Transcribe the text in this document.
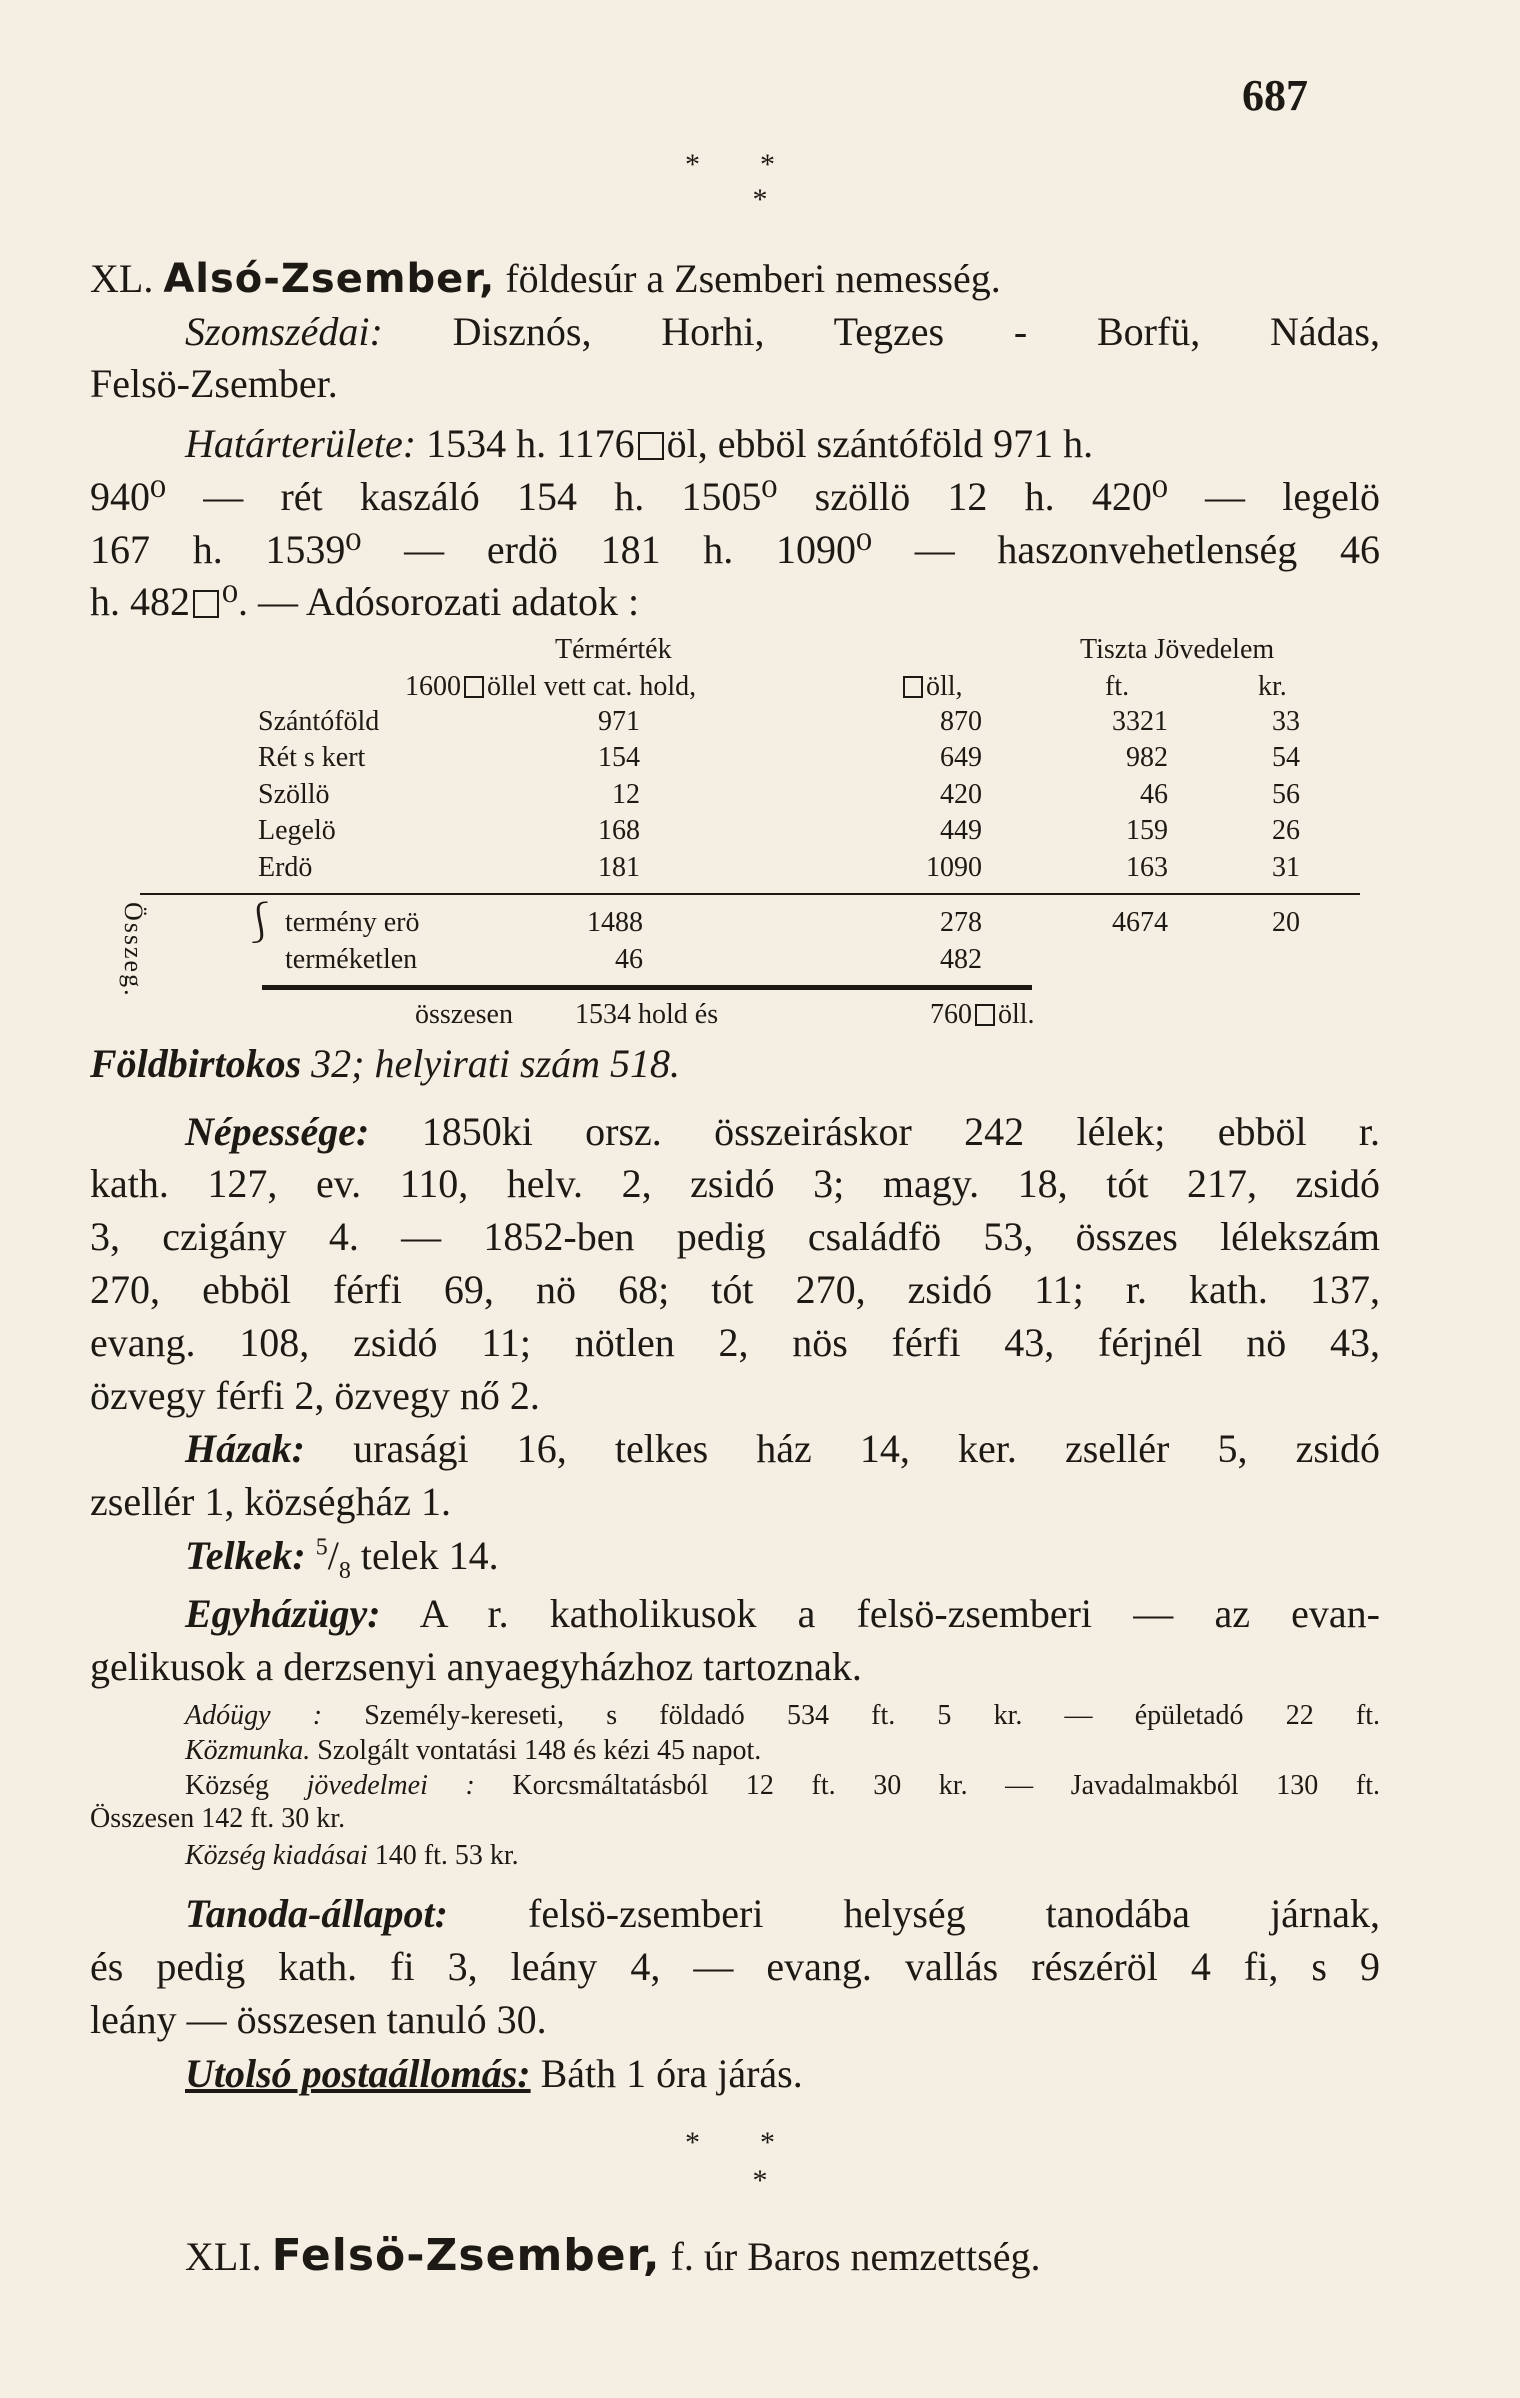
687
**
*
XL. Alsó-Zsember, földesúr a Zsemberi nemesség.
Szomszédai: Disznós, Horhi, Tegzes - Borfü, Nádas,
Felsö-Zsember.
Határterülete: 1534 h. 1176 öl, ebböl szántóföld 971 h.
940⁰ — rét kaszáló 154 h. 1505⁰ szöllö 12 h. 420⁰ — legelö
167 h. 1539⁰ — erdö 181 h. 1090⁰ — haszonvehetlenség 46
h. 482 ⁰. — Adósorozati adatok :
Térmérték	Tiszta Jövedelem
1600 öllel vett cat. hold,	öll,	ft.	kr.
Szántóföld	971	870	3321	33
Rét s kert	154	649	982	54
Szöllö	12	420	46	56
Legelö	168	449	159	26
Erdö	181	1090	163	31
Összeg. ⎰ termény erö	1488	278	4674	20
terméketlen	46	482
összesen 1534 hold és	760 öll.
Földbirtokos 32; helyirati szám 518.
Népessége: 1850ki orsz. összeiráskor 242 lélek; ebböl r.
kath. 127, ev. 110, helv. 2, zsidó 3; magy. 18, tót 217, zsidó
3, czigány 4. — 1852-ben pedig családfö 53, összes lélekszám
270, ebböl férfi 69, nö 68; tót 270, zsidó 11; r. kath. 137,
evang. 108, zsidó 11; nötlen 2, nös férfi 43, férjnél nö 43,
özvegy férfi 2, özvegy nő 2.
Házak: urasági 16, telkes ház 14, ker. zsellér 5, zsidó
zsellér 1, községház 1.
Telkek: $^5/_8$ telek 14.
Egyházügy: A r. katholikusok a felsö-zsemberi — az evan-
gelikusok a derzsenyi anyaegyházhoz tartoznak.
Adóügy : Személy-kereseti, s földadó 534 ft. 5 kr. — épületadó 22 ft.
Közmunka. Szolgált vontatási 148 és kézi 45 napot.
Község jövedelmei : Korcsmáltatásból 12 ft. 30 kr. — Javadalmakból 130 ft.
Összesen 142 ft. 30 kr.
Község kiadásai 140 ft. 53 kr.
Tanoda-állapot: felsö-zsemberi helység tanodába járnak,
és pedig kath. fi 3, leány 4, — evang. vallás részéröl 4 fi, s 9
leány — összesen tanuló 30.
Utolsó postaállomás: Báth 1 óra járás.
**
*
XLI. Felsö-Zsember, f. úr Baros nemzettség.
